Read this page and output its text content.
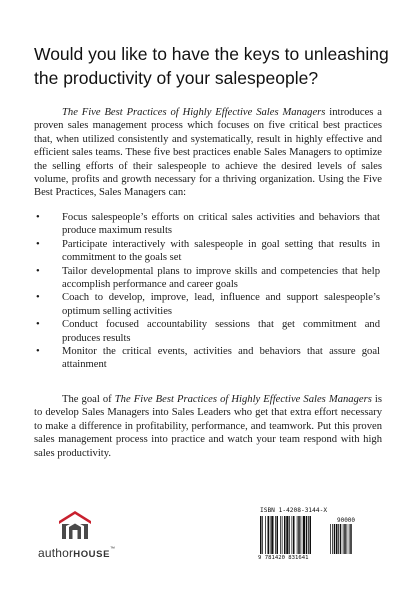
Would you like to have the keys to unleashing the productivity of your salespeople?

The Five Best Practices of Highly Effective Sales Managers introduces a proven sales management process which focuses on five critical best practices that, when utilized consistently and systematically, result in highly effective and efficient sales teams. These five best practices enable Sales Managers to optimize the selling efforts of their salespeople to achieve the desired levels of sales volume, profits and growth necessary for a thriving organization. Using the Five Best Practices, Sales Managers can:

• Focus salespeople’s efforts on critical sales activities and behaviors that produce maximum results
• Participate interactively with salespeople in goal setting that results in commitment to the goals set
• Tailor developmental plans to improve skills and competencies that help accomplish performance and career goals
• Coach to develop, improve, lead, influence and support salespeople’s optimum selling activities
• Conduct focused accountability sessions that get commitment and produces results
• Monitor the critical events, activities and behaviors that assure goal attainment

The goal of The Five Best Practices of Highly Effective Sales Managers is to develop Sales Managers into Sales Leaders who get that extra effort necessary to make a difference in profitability, performance, and teamwork. Put this proven sales management process into practice and watch your team respond with high sales productivity.

authorHOUSE™
ISBN 1-4208-3144-X
90000
9 781420 831641
